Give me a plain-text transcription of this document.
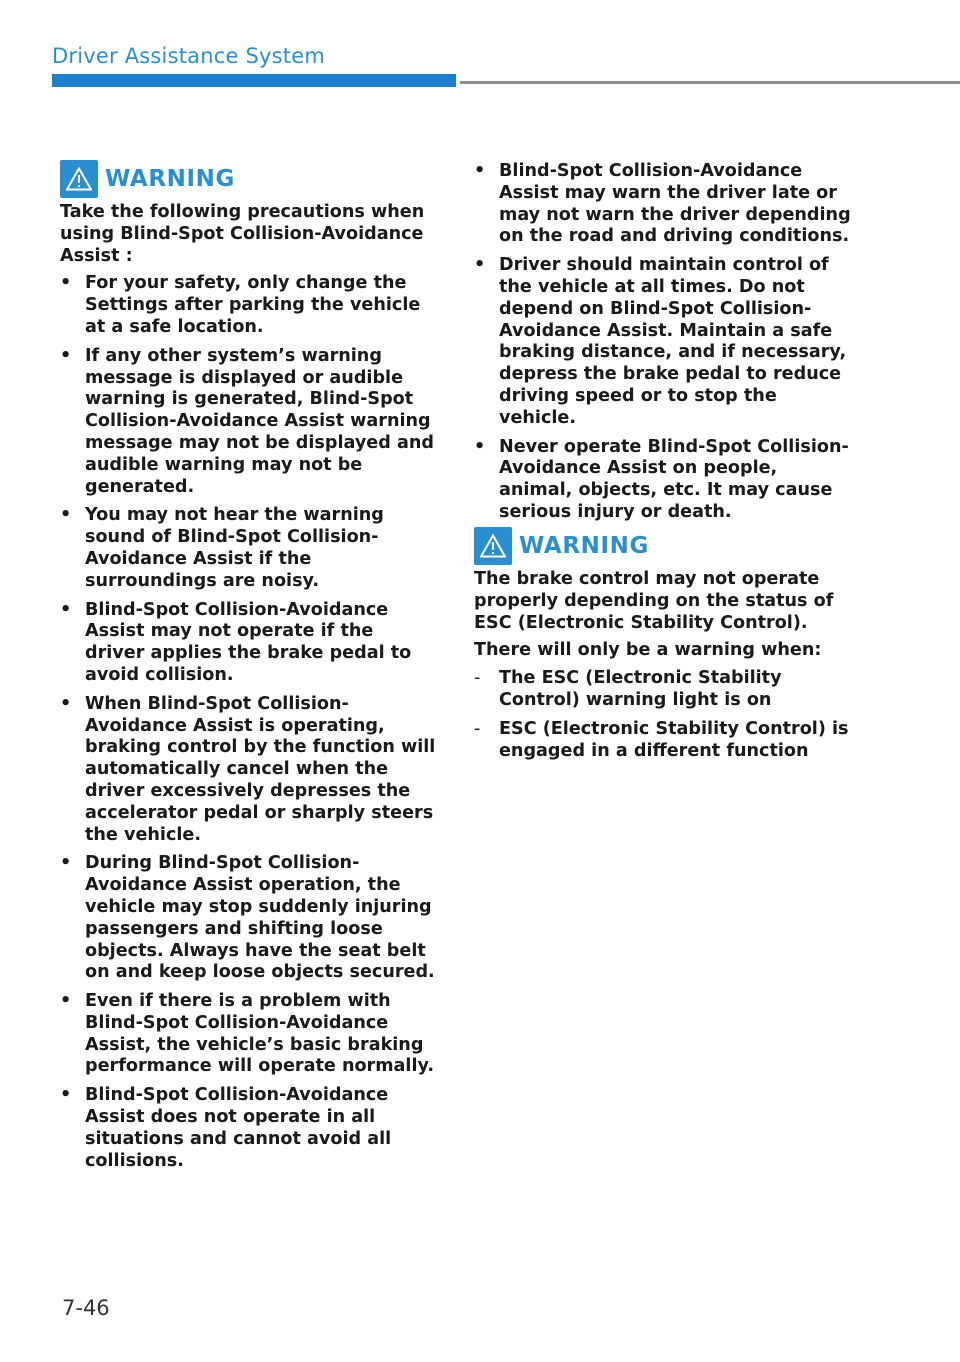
Driver Assistance System
WARNING

Take the following precautions when using Blind-Spot Collision-Avoidance Assist :

• For your safety, only change the Settings after parking the vehicle at a safe location.
• If any other system’s warning message is displayed or audible warning is generated, Blind-Spot Collision-Avoidance Assist warning message may not be displayed and audible warning may not be generated.
• You may not hear the warning sound of Blind-Spot Collision-Avoidance Assist if the surroundings are noisy.
• Blind-Spot Collision-Avoidance Assist may not operate if the driver applies the brake pedal to avoid collision.
• When Blind-Spot Collision-Avoidance Assist is operating, braking control by the function will automatically cancel when the driver excessively depresses the accelerator pedal or sharply steers the vehicle.
• During Blind-Spot Collision-Avoidance Assist operation, the vehicle may stop suddenly injuring passengers and shifting loose objects. Always have the seat belt on and keep loose objects secured.
• Even if there is a problem with Blind-Spot Collision-Avoidance Assist, the vehicle’s basic braking performance will operate normally.
• Blind-Spot Collision-Avoidance Assist does not operate in all situations and cannot avoid all collisions.
• Blind-Spot Collision-Avoidance Assist may warn the driver late or may not warn the driver depending on the road and driving conditions.
• Driver should maintain control of the vehicle at all times. Do not depend on Blind-Spot Collision-Avoidance Assist. Maintain a safe braking distance, and if necessary, depress the brake pedal to reduce driving speed or to stop the vehicle.
• Never operate Blind-Spot Collision-Avoidance Assist on people, animal, objects, etc. It may cause serious injury or death.
WARNING

The brake control may not operate properly depending on the status of ESC (Electronic Stability Control).

There will only be a warning when:

-	The ESC (Electronic Stability Control) warning light is on
-	ESC (Electronic Stability Control) is engaged in a different function
7-46
